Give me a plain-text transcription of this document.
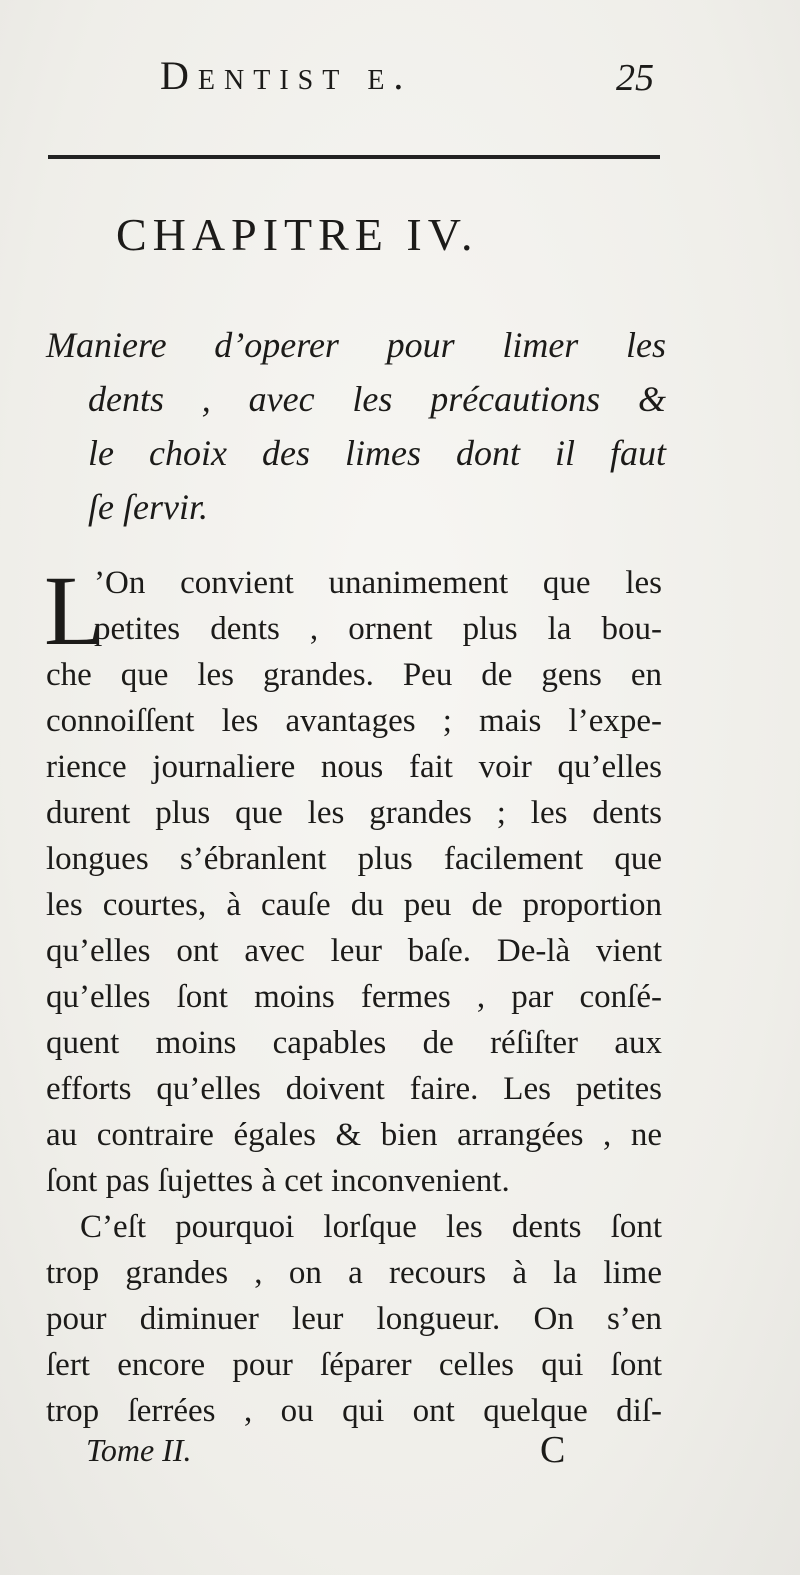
Dentist e.	25
CHAPITRE IV.
Maniere d’operer pour limer les
dents , avec les précautions &
le choix des limes dont il faut
ſe ſervir.
L
’On convient unanimement que les
petites dents , ornent plus la bou-
che que les grandes. Peu de gens en
connoiſſent les avantages ; mais l’expe-
rience journaliere nous fait voir qu’elles
durent plus que les grandes ; les dents
longues s’ébranlent plus facilement que
les courtes, à cauſe du peu de proportion
qu’elles ont avec leur baſe. De-là vient
qu’elles ſont moins fermes , par conſé-
quent moins capables de réſiſter aux
efforts qu’elles doivent faire. Les petites
au contraire égales & bien arrangées , ne
ſont pas ſujettes à cet inconvenient.
C’eſt pourquoi lorſque les dents ſont
trop grandes , on a recours à la lime
pour diminuer leur longueur. On s’en
ſert encore pour ſéparer celles qui ſont
trop ſerrées , ou qui ont quelque diſ-
Tome II.	C
